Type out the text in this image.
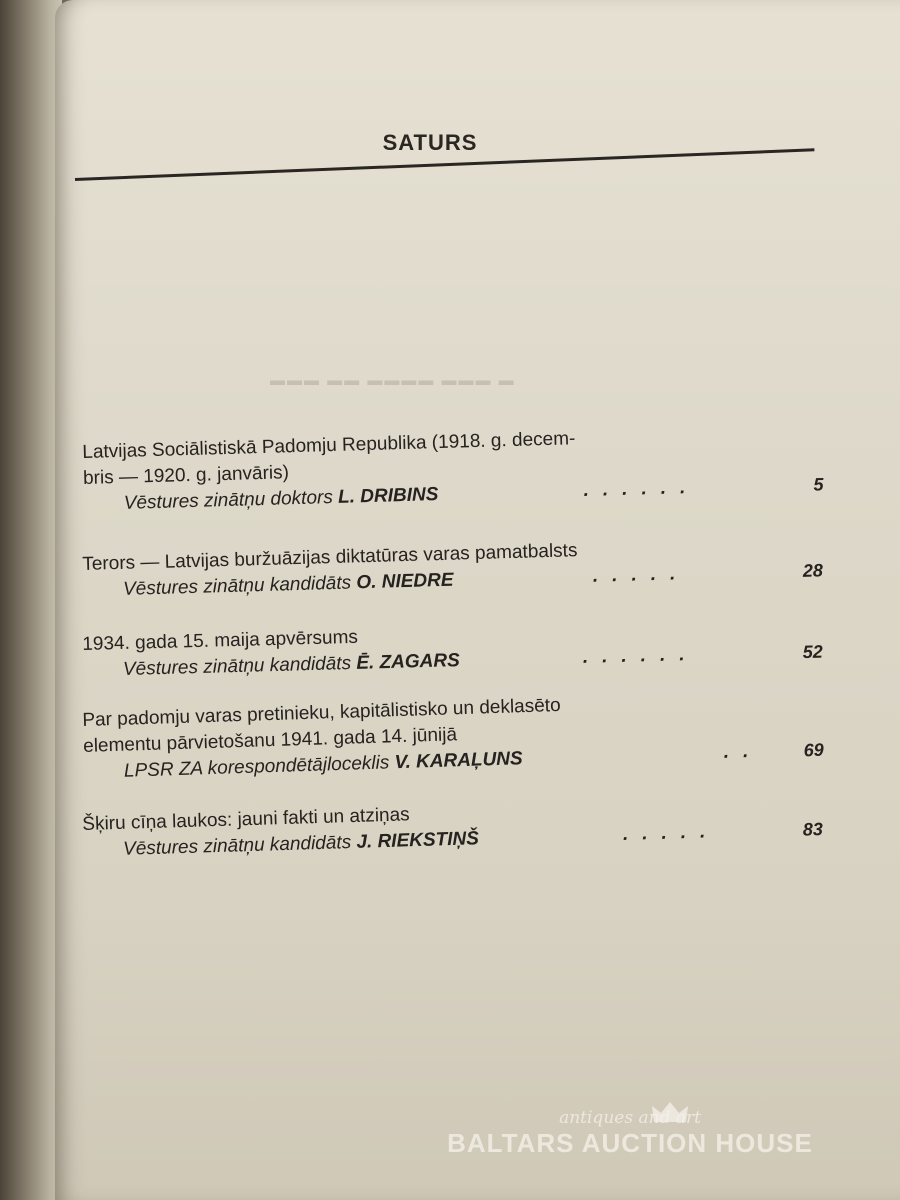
SATURS
▬▬▬ ▬▬ ▬▬▬▬ ▬▬▬ ▬
Latvijas Sociālistiskā Padomju Republika (1918. g. decem-
bris — 1920. g. janvāris)
Vēstures zinātņu doktors L. DRIBINS	......	5
Terors — Latvijas buržuāzijas diktatūras varas pamatbalsts
Vēstures zinātņu kandidāts O. NIEDRE	.....	28
1934. gada 15. maija apvērsums
Vēstures zinātņu kandidāts Ē. ZAGARS	......	52
Par padomju varas pretinieku, kapitālistisko un deklasēto
elementu pārvietošanu 1941. gada 14. jūnijā
LPSR ZA korespondētājloceklis V. KARAĻUNS	.. 69
Šķiru cīņa laukos: jauni fakti un atziņas
Vēstures zinātņu kandidāts J. RIEKSTIŅŠ	.....	83
antiques and art
BALTARS AUCTION HOUSE
